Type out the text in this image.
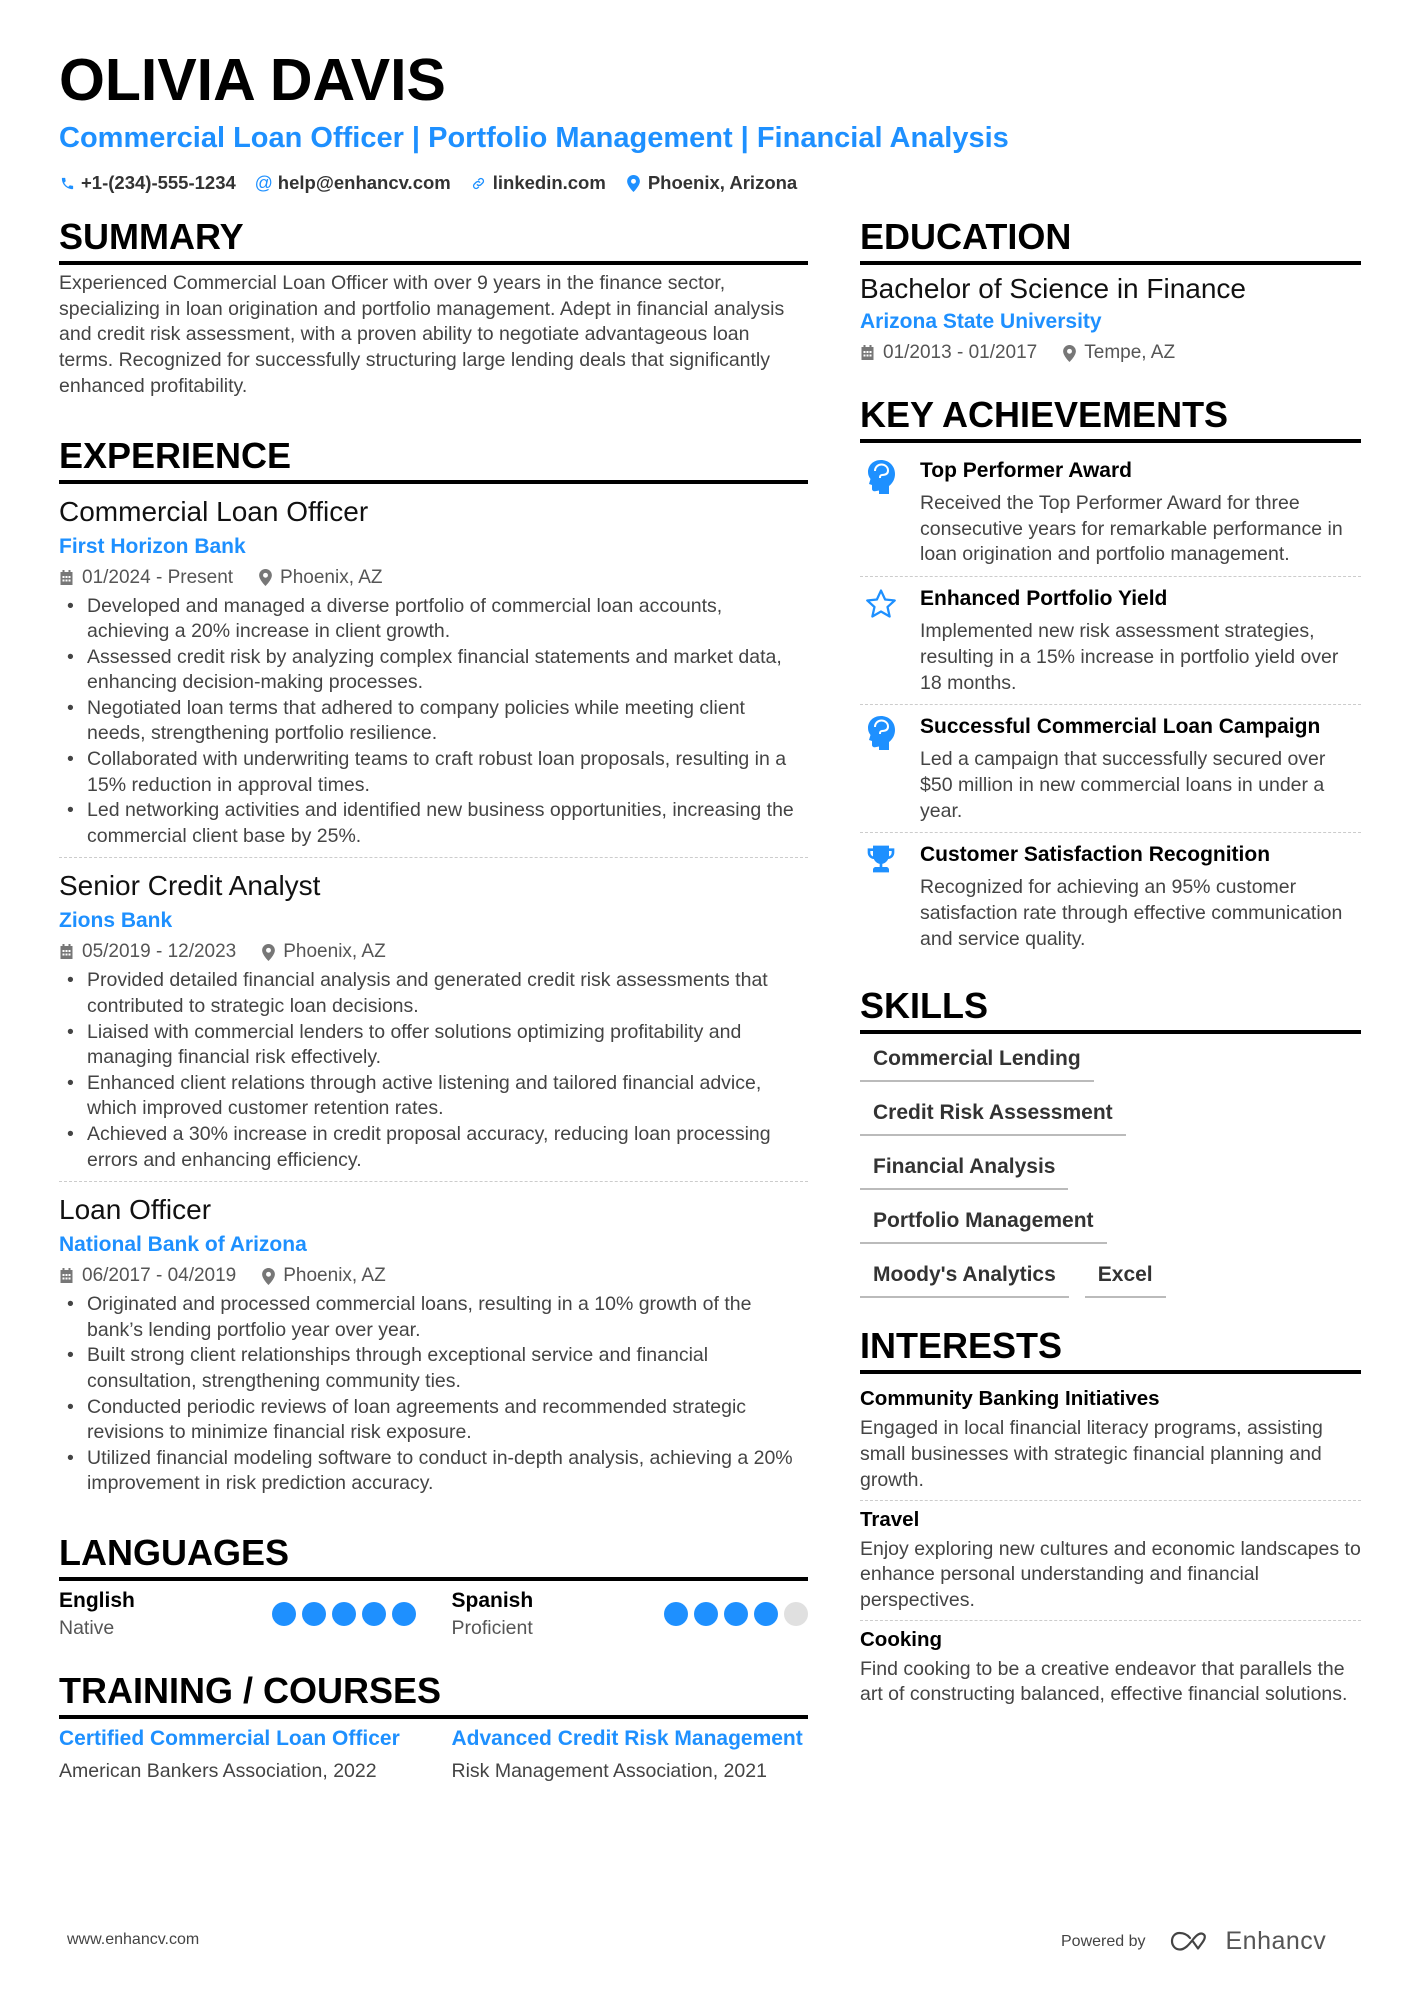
OLIVIA DAVIS
Commercial Loan Officer | Portfolio Management | Financial Analysis
+1-(234)-555-1234 @ help@enhancv.com linkedin.com Phoenix, Arizona
SUMMARY
Experienced Commercial Loan Officer with over 9 years in the finance sector, specializing in loan origination and portfolio management. Adept in financial analysis and credit risk assessment, with a proven ability to negotiate advantageous loan terms. Recognized for successfully structuring large lending deals that significantly enhanced profitability.
EXPERIENCE
Commercial Loan Officer
First Horizon Bank
01/2024 - Present Phoenix, AZ
• Developed and managed a diverse portfolio of commercial loan accounts, achieving a 20% increase in client growth.
• Assessed credit risk by analyzing complex financial statements and market data, enhancing decision-making processes.
• Negotiated loan terms that adhered to company policies while meeting client needs, strengthening portfolio resilience.
• Collaborated with underwriting teams to craft robust loan proposals, resulting in a 15% reduction in approval times.
• Led networking activities and identified new business opportunities, increasing the commercial client base by 25%.
Senior Credit Analyst
Zions Bank
05/2019 - 12/2023 Phoenix, AZ
• Provided detailed financial analysis and generated credit risk assessments that contributed to strategic loan decisions.
• Liaised with commercial lenders to offer solutions optimizing profitability and managing financial risk effectively.
• Enhanced client relations through active listening and tailored financial advice, which improved customer retention rates.
• Achieved a 30% increase in credit proposal accuracy, reducing loan processing errors and enhancing efficiency.
Loan Officer
National Bank of Arizona
06/2017 - 04/2019 Phoenix, AZ
• Originated and processed commercial loans, resulting in a 10% growth of the bank’s lending portfolio year over year.
• Built strong client relationships through exceptional service and financial consultation, strengthening community ties.
• Conducted periodic reviews of loan agreements and recommended strategic revisions to minimize financial risk exposure.
• Utilized financial modeling software to conduct in-depth analysis, achieving a 20% improvement in risk prediction accuracy.
LANGUAGES
English
Native
Spanish
Proficient
TRAINING / COURSES
Certified Commercial Loan Officer
American Bankers Association, 2022
Advanced Credit Risk Management
Risk Management Association, 2021
EDUCATION
Bachelor of Science in Finance
Arizona State University
01/2013 - 01/2017 Tempe, AZ
KEY ACHIEVEMENTS
Top Performer Award
Received the Top Performer Award for three consecutive years for remarkable performance in loan origination and portfolio management.
Enhanced Portfolio Yield
Implemented new risk assessment strategies, resulting in a 15% increase in portfolio yield over 18 months.
Successful Commercial Loan Campaign
Led a campaign that successfully secured over $50 million in new commercial loans in under a year.
Customer Satisfaction Recognition
Recognized for achieving an 95% customer satisfaction rate through effective communication and service quality.
SKILLS
Commercial Lending
Credit Risk Assessment
Financial Analysis
Portfolio Management
Moody's Analytics	Excel
INTERESTS
Community Banking Initiatives
Engaged in local financial literacy programs, assisting small businesses with strategic financial planning and growth.
Travel
Enjoy exploring new cultures and economic landscapes to enhance personal understanding and financial perspectives.
Cooking
Find cooking to be a creative endeavor that parallels the art of constructing balanced, effective financial solutions.
www.enhancv.com	Powered by	Enhancv
